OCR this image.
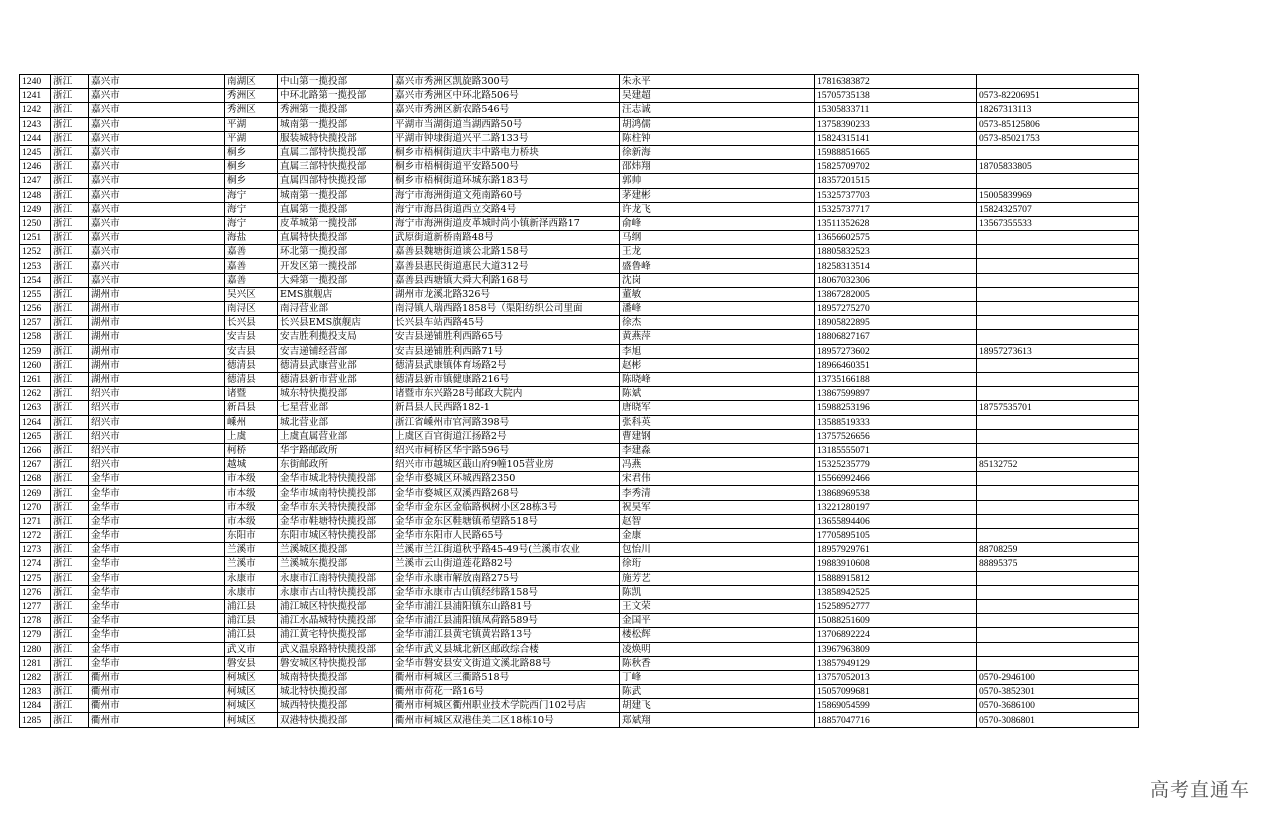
1240	浙江	嘉兴市	南湖区	中山第一揽投部	嘉兴市秀洲区凯旋路300号	朱永平	17816383872	
1241	浙江	嘉兴市	秀洲区	中环北路第一揽投部	嘉兴市秀洲区中环北路506号	吴建超	15705735138	0573-82206951
1242	浙江	嘉兴市	秀洲区	秀洲第一揽投部	嘉兴市秀洲区新农路546号	汪志诚	15305833711	18267313113
1243	浙江	嘉兴市	平湖	城南第一揽投部	平湖市当湖街道当湖西路50号	胡鸿儒	13758390233	0573-85125806
1244	浙江	嘉兴市	平湖	服装城特快揽投部	平湖市钟埭街道兴平二路133号	陈柱钟	15824315141	0573-85021753
1245	浙江	嘉兴市	桐乡	直属二部特快揽投部	桐乡市梧桐街道庆丰中路电力桥块	徐新海	15988851665	
1246	浙江	嘉兴市	桐乡	直属三部特快揽投部	桐乡市梧桐街道平安路500号	邵炜翔	15825709702	18705833805
1247	浙江	嘉兴市	桐乡	直属四部特快揽投部	桐乡市梧桐街道环城东路183号	郭帅	18357201515	
1248	浙江	嘉兴市	海宁	城南第一揽投部	海宁市海洲街道文苑南路60号	茅建彬	15325737703	15005839969
1249	浙江	嘉兴市	海宁	直属第一揽投部	海宁市海昌街道西立交路4号	许龙飞	15325737717	15824325707
1250	浙江	嘉兴市	海宁	皮革城第一揽投部	海宁市海洲街道皮革城时尚小镇新泽西路17	俞峰	13511352628	13567355533
1251	浙江	嘉兴市	海盐	直属特快揽投部	武原街道新桥南路48号	马纲	13656602575	
1252	浙江	嘉兴市	嘉善	环北第一揽投部	嘉善县魏塘街道谈公北路158号	王龙	18805832523	
1253	浙江	嘉兴市	嘉善	开发区第一揽投部	嘉善县惠民街道惠民大道312号	盛鲁峰	18258313514	
1254	浙江	嘉兴市	嘉善	大舜第一揽投部	嘉善县西塘镇大舜大利路168号	沈岗	18067032306	
1255	浙江	湖州市	吴兴区	EMS旗舰店	湖州市龙溪北路326号	董敏	13867282005	
1256	浙江	湖州市	南浔区	南浔营业部	南浔镇人瑞西路1858号（渠阳纺织公司里面	潘峰	18957275270	
1257	浙江	湖州市	长兴县	长兴县EMS旗舰店	长兴县车站西路45号	徐杰	18905822895	
1258	浙江	湖州市	安吉县	安吉胜利揽投支局	安吉县递铺胜利西路65号	黄燕萍	18806827167	
1259	浙江	湖州市	安吉县	安吉递铺经营部	安吉县递铺胜利西路71号	李旭	18957273602	18957273613
1260	浙江	湖州市	德清县	德清县武康营业部	德清县武康镇体育场路2号	赵彬	18966460351	
1261	浙江	湖州市	德清县	德清县新市营业部	德清县新市镇健康路216号	陈晓峰	13735166188	
1262	浙江	绍兴市	诸暨	城东特快揽投部	诸暨市东兴路28号邮政大院内	陈斌	13867599897	
1263	浙江	绍兴市	新昌县	七星营业部	新昌县人民西路182-1	唐晓军	15988253196	18757535701
1264	浙江	绍兴市	嵊州	城北营业部	浙江省嵊州市官河路398号	张科英	13588519333	
1265	浙江	绍兴市	上虞	上虞直属营业部	上虞区百官街道江扬路2号	曹建钢	13757526656	
1266	浙江	绍兴市	柯桥	华宇路邮政所	绍兴市柯桥区华宇路596号	李建淼	13185555071	
1267	浙江	绍兴市	越城	东街邮政所	绍兴市市越城区蕺山府9幢105营业房	冯燕	15325235779	85132752
1268	浙江	金华市	市本级	金华市城北特快揽投部	金华市婺城区环城西路2350	宋君伟	15566992466	
1269	浙江	金华市	市本级	金华市城南特快揽投部	金华市婺城区双溪西路268号	李秀清	13868969538	
1270	浙江	金华市	市本级	金华市东关特快揽投部	金华市金东区金临路枫树小区28栋3号	祝昊军	13221280197	
1271	浙江	金华市	市本级	金华市鞋塘特快揽投部	金华市金东区鞋塘镇希望路518号	赵智	13655894406	
1272	浙江	金华市	东阳市	东阳市城区特快揽投部	金华市东阳市人民路65号	金康	17705895105	
1273	浙江	金华市	兰溪市	兰溪城区揽投部	兰溪市兰江街道秋乎路45-49号(兰溪市农业	包怡川	18957929761	88708259
1274	浙江	金华市	兰溪市	兰溪城东揽投部	兰溪市云山街道莲花路82号	徐珩	19883910608	88895375
1275	浙江	金华市	永康市	永康市江南特快揽投部	金华市永康市解放南路275号	施芳艺	15888915812	
1276	浙江	金华市	永康市	永康市古山特快揽投部	金华市永康市古山镇经纬路158号	陈凯	13858942525	
1277	浙江	金华市	浦江县	浦江城区特快揽投部	金华市浦江县浦阳镇东山路81号	王文荣	15258952777	
1278	浙江	金华市	浦江县	浦江水晶城特快揽投部	金华市浦江县浦阳镇凤荷路589号	金国平	15088251609	
1279	浙江	金华市	浦江县	浦江黄宅特快揽投部	金华市浦江县黄宅镇黄岩路13号	楼松辉	13706892224	
1280	浙江	金华市	武义市	武义温泉路特快揽投部	金华市武义县城北新区邮政综合楼	凌焕明	13967963809	
1281	浙江	金华市	磐安县	磐安城区特快揽投部	金华市磐安县安文街道文溪北路88号	陈秋香	13857949129	
1282	浙江	衢州市	柯城区	城南特快揽投部	衢州市柯城区三衢路518号	丁峰	13757052013	0570-2946100
1283	浙江	衢州市	柯城区	城北特快揽投部	衢州市荷花一路16号	陈武	15057099681	0570-3852301
1284	浙江	衢州市	柯城区	城西特快揽投部	衢州市柯城区衢州职业技术学院西门102号店	胡建飞	15869054599	0570-3686100
1285	浙江	衢州市	柯城区	双港特快揽投部	衢州市柯城区双港佳美二区18栋10号	郑斌翔	18857047716	0570-3086801
高考直通车
